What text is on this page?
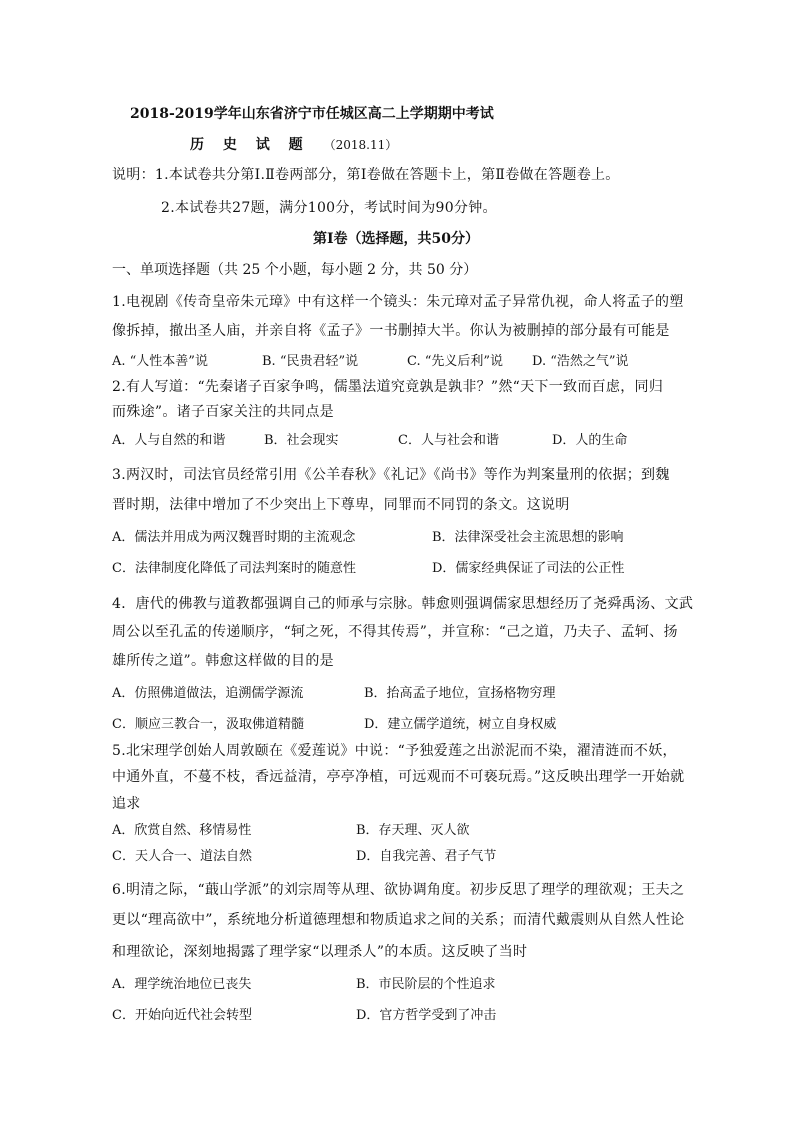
2018-2019学年山东省济宁市任城区高二上学期期中考试
历 史 试 题 （2018.11）
说明：1.本试卷共分第Ⅰ.Ⅱ卷两部分，第Ⅰ卷做在答题卡上，第Ⅱ卷做在答题卷上。
2.本试卷共27题，满分100分，考试时间为90分钟。
第Ⅰ卷（选择题，共50分）
一、单项选择题（共 25 个小题，每小题 2 分，共 50 分）
1.电视剧《传奇皇帝朱元璋》中有这样一个镜头：朱元璋对孟子异常仇视，命人将孟子的塑
像拆掉，撤出圣人庙，并亲自将《孟子》一书删掉大半。你认为被删掉的部分最有可能是
A. “人性本善”说	B. “民贵君轻”说	C. “先义后利”说 D. “浩然之气”说
2.有人写道：“先秦诸子百家争鸣，儒墨法道究竟孰是孰非？”然“天下一致而百虑，同归
而殊途”。诸子百家关注的共同点是
A．人与自然的和谐	B．社会现实	C．人与社会和谐	D．人的生命
3.两汉时，司法官员经常引用《公羊春秋》《礼记》《尚书》等作为判案量刑的依据；到魏
晋时期，法律中增加了不少突出上下尊卑，同罪而不同罚的条文。这说明
A．儒法并用成为两汉魏晋时期的主流观念	B．法律深受社会主流思想的影响
C．法律制度化降低了司法判案时的随意性	D．儒家经典保证了司法的公正性
4．唐代的佛教与道教都强调自己的师承与宗脉。韩愈则强调儒家思想经历了尧舜禹汤、文武
周公以至孔孟的传递顺序，“轲之死，不得其传焉”，并宣称：“己之道，乃夫子、孟轲、扬
雄所传之道”。韩愈这样做的目的是
A．仿照佛道做法，追溯儒学源流	B．抬高孟子地位，宣扬格物穷理
C．顺应三教合一，汲取佛道精髓	D．建立儒学道统，树立自身权威
5.北宋理学创始人周敦颐在《爱莲说》中说：“予独爱莲之出淤泥而不染，濯清涟而不妖，
中通外直，不蔓不枝，香远益清，亭亭净植，可远观而不可亵玩焉。”这反映出理学一开始就
追求
A．欣赏自然、移情易性	B．存天理、灭人欲
C．天人合一、道法自然	D．自我完善、君子气节
6.明清之际，“蕺山学派”的刘宗周等从理、欲协调角度。初步反思了理学的理欲观；王夫之
更以“理高欲中”，系统地分析道德理想和物质追求之间的关系；而清代戴震则从自然人性论
和理欲论，深刻地揭露了理学家“以理杀人”的本质。这反映了当时
A．理学统治地位已丧失	B．市民阶层的个性追求
C．开始向近代社会转型	D．官方哲学受到了冲击
